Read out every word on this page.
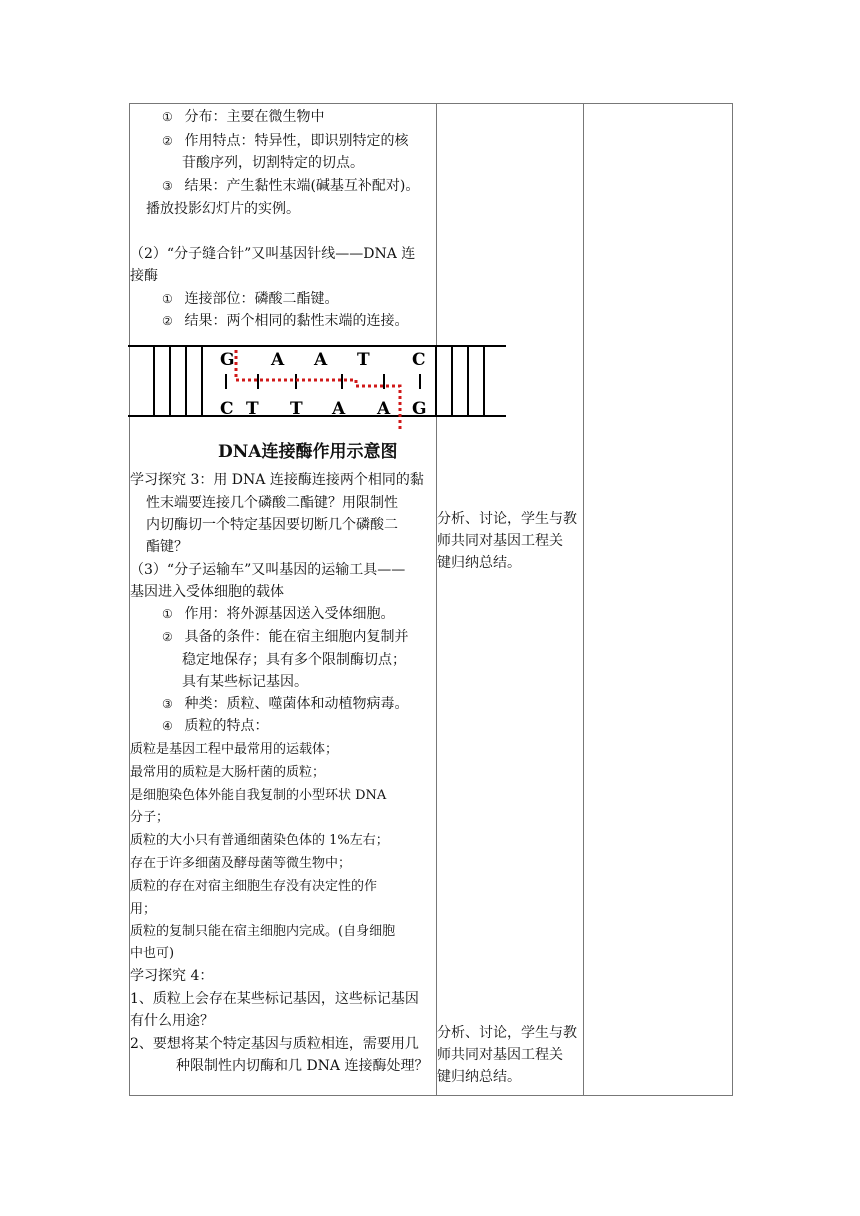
① 分布：主要在微生物中
② 作用特点：特异性，即识别特定的核
苷酸序列，切割特定的切点。
③ 结果：产生黏性末端(碱基互补配对)。
播放投影幻灯片的实例。
（2）“分子缝合针”又叫基因针线——DNA 连
接酶
① 连接部位：磷酸二酯键。
② 结果：两个相同的黏性末端的连接。
G A A T C
C T T A A G
DNA连接酶作用示意图
学习探究 3：用 DNA 连接酶连接两个相同的黏
性末端要连接几个磷酸二酯键？用限制性
内切酶切一个特定基因要切断几个磷酸二
酯键？
（3）“分子运输车”又叫基因的运输工具——
基因进入受体细胞的载体
① 作用：将外源基因送入受体细胞。
② 具备的条件：能在宿主细胞内复制并
稳定地保存；具有多个限制酶切点；
具有某些标记基因。
③ 种类：质粒、噬菌体和动植物病毒。
④ 质粒的特点：
质粒是基因工程中最常用的运载体；
最常用的质粒是大肠杆菌的质粒；
是细胞染色体外能自我复制的小型环状 DNA
分子；
质粒的大小只有普通细菌染色体的 1%左右；
存在于许多细菌及酵母菌等微生物中；
质粒的存在对宿主细胞生存没有决定性的作
用；
质粒的复制只能在宿主细胞内完成。(自身细胞
中也可)
学习探究 4：
1、质粒上会存在某些标记基因，这些标记基因
有什么用途？
2、要想将某个特定基因与质粒相连，需要用几
种限制性内切酶和几 DNA 连接酶处理？
分析、讨论，学生与教
师共同对基因工程关
键归纳总结。
分析、讨论，学生与教
师共同对基因工程关
键归纳总结。
